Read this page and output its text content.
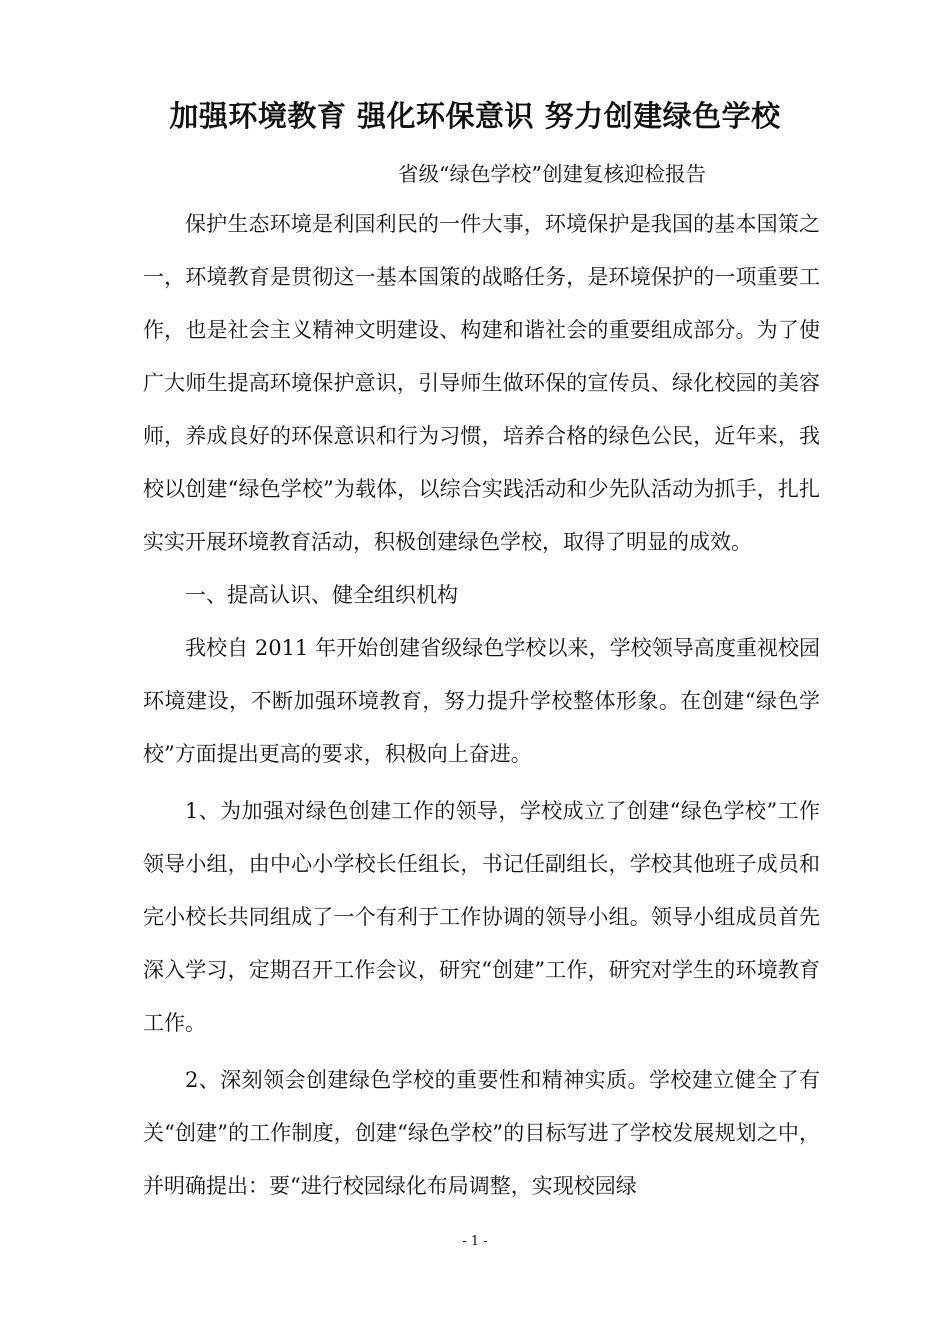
加强环境教育 强化环保意识 努力创建绿色学校
省级“绿色学校”创建复核迎检报告

保护生态环境是利国利民的一件大事，环境保护是我国的基本国策之一，环境教育是贯彻这一基本国策的战略任务，是环境保护的一项重要工作，也是社会主义精神文明建设、构建和谐社会的重要组成部分。为了使广大师生提高环境保护意识，引导师生做环保的宣传员、绿化校园的美容师，养成良好的环保意识和行为习惯，培养合格的绿色公民，近年来，我校以创建“绿色学校”为载体，以综合实践活动和少先队活动为抓手，扎扎实实开展环境教育活动，积极创建绿色学校，取得了明显的成效。

一、提高认识、健全组织机构

我校自 2011 年开始创建省级绿色学校以来，学校领导高度重视校园环境建设，不断加强环境教育，努力提升学校整体形象。在创建“绿色学校”方面提出更高的要求，积极向上奋进。

1、为加强对绿色创建工作的领导，学校成立了创建“绿色学校”工作领导小组，由中心小学校长任组长，书记任副组长，学校其他班子成员和完小校长共同组成了一个有利于工作协调的领导小组。领导小组成员首先深入学习，定期召开工作会议，研究“创建”工作，研究对学生的环境教育工作。

2、深刻领会创建绿色学校的重要性和精神实质。学校建立健全了有关“创建”的工作制度，创建“绿色学校”的目标写进了学校发展规划之中，并明确提出：要“进行校园绿化布局调整，实现校园绿

- 1 -
